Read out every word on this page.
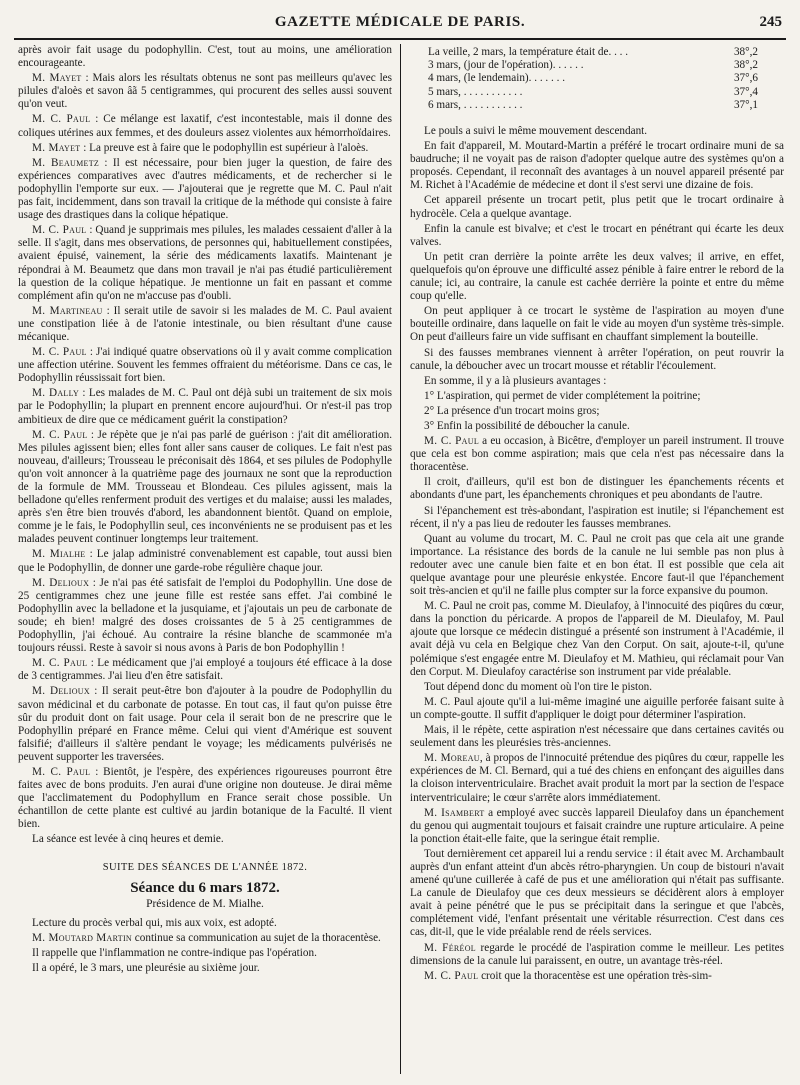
GAZETTE MÉDICALE DE PARIS.	245

après avoir fait usage du podophyllin. C'est, tout au moins, une amélioration encourageante.

M. Mayet : Mais alors les résultats obtenus ne sont pas meilleurs qu'avec les pilules d'aloès et savon âã 5 centigrammes, qui procurent des selles aussi souvent qu'on veut.

M. C. Paul : Ce mélange est laxatif, c'est incontestable, mais il donne des coliques utérines aux femmes, et des douleurs assez violentes aux hémorrhoïdaires.

M. Mayet : La preuve est à faire que le podophyllin est supérieur à l'aloès.

M. Beaumetz : Il est nécessaire, pour bien juger la question, de faire des expériences comparatives avec d'autres médicaments, et de rechercher si le podophyllin l'emporte sur eux. — J'ajouterai que je regrette que M. C. Paul n'ait pas fait, incidemment, dans son travail la critique de la méthode qui consiste à faire usage des drastiques dans la colique hépatique.

M. C. Paul : Quand je supprimais mes pilules, les malades cessaient d'aller à la selle. Il s'agit, dans mes observations, de personnes qui, habituellement constipées, avaient épuisé, vainement, la série des médicaments laxatifs. Maintenant je répondrai à M. Beaumetz que dans mon travail je n'ai pas étudié particulièrement la question de la colique hépatique. Je mentionne un fait en passant et comme complément afin qu'on ne m'accuse pas d'oubli.

M. Martineau : Il serait utile de savoir si les malades de M. C. Paul avaient une constipation liée à de l'atonie intestinale, ou bien résultant d'une cause mécanique.

M. C. Paul : J'ai indiqué quatre observations où il y avait comme complication une affection utérine. Souvent les femmes offraient du météorisme. Dans ce cas, le Podophyllin réussissait fort bien.

M. Dally : Les malades de M. C. Paul ont déjà subi un traitement de six mois par le Podophyllin; la plupart en prennent encore aujourd'hui. Or n'est-il pas trop ambitieux de dire que ce médicament guérit la constipation?

M. C. Paul : Je répète que je n'ai pas parlé de guérison : j'ait dit amélioration. Mes pilules agissent bien; elles font aller sans causer de coliques. Le fait n'est pas nouveau, d'ailleurs; Trousseau le préconisait dès 1864, et ses pilules de Podophylle qu'on voit annoncer à la quatrième page des journaux ne sont que la reproduction de la formule de MM. Trousseau et Blondeau. Ces pilules agissent, mais la belladone qu'elles renferment produit des vertiges et du malaise; aussi les malades, après s'en être bien trouvés d'abord, les abandonnent bientôt. Quand on emploie, comme je le fais, le Podophyllin seul, ces inconvénients ne se produisent pas et les malades peuvent continuer longtemps leur traitement.

M. Mialhe : Le jalap administré convenablement est capable, tout aussi bien que le Podophyllin, de donner une garde-robe régulière chaque jour.

M. Delioux : Je n'ai pas été satisfait de l'emploi du Podophyllin. Une dose de 25 centigrammes chez une jeune fille est restée sans effet. J'ai combiné le Podophyllin avec la belladone et la jusquiame, et j'ajoutais un peu de carbonate de soude; eh bien! malgré des doses croissantes de 5 à 25 centigrammes de Podophyllin, j'ai échoué. Au contraire la résine blanche de scammonée m'a toujours réussi. Reste à savoir si nous avons à Paris de bon Podophyllin !

M. C. Paul : Le médicament que j'ai employé a toujours été efficace à la dose de 3 centigrammes. J'ai lieu d'en être satisfait.

M. Delioux : Il serait peut-être bon d'ajouter à la poudre de Podophyllin du savon médicinal et du carbonate de potasse. En tout cas, il faut qu'on puisse être sûr du produit dont on fait usage. Pour cela il serait bon de ne prescrire que le Podophyllin préparé en France même. Celui qui vient d'Amérique est souvent falsifié; d'ailleurs il s'altère pendant le voyage; les médicaments pulvérisés ne peuvent supporter les traversées.

M. C. Paul : Bientôt, je l'espère, des expériences rigoureuses pourront être faites avec de bons produits. J'en aurai d'une origine non douteuse. Je dirai même que l'acclimatement du Podophyllum en France serait chose possible. Un échantillon de cette plante est cultivé au jardin botanique de la Faculté. Il vient bien.

La séance est levée à cinq heures et demie.

SUITE DES SÉANCES DE L'ANNÉE 1872.
Séance du 6 mars 1872.
Présidence de M. Mialhe.

Lecture du procès verbal qui, mis aux voix, est adopté.

M. Moutard Martin continue sa communication au sujet de la thoracentèse.

Il rappelle que l'inflammation ne contre-indique pas l'opération.

Il a opéré, le 3 mars, une pleurésie au sixième jour.

La veille, 2 mars, la température était de. . . .	38°,2
3 mars, (jour de l'opération). . . . . .	38°,2
4 mars, (le lendemain). . . . . . .	37°,6
5 mars, . . . . . . . . . . .	37°,4
6 mars, . . . . . . . . . . .	37°,1

Le pouls a suivi le même mouvement descendant.

En fait d'appareil, M. Moutard-Martin a préféré le trocart ordinaire muni de sa baudruche; il ne voyait pas de raison d'adopter quelque autre des systèmes qu'on a proposés. Cependant, il reconnaît des avantages à un nouvel appareil présenté par M. Richet à l'Académie de médecine et dont il s'est servi une dizaine de fois.

Cet appareil présente un trocart petit, plus petit que le trocart ordinaire à hydrocèle. Cela a quelque avantage.

Enfin la canule est bivalve; et c'est le trocart en pénétrant qui écarte les deux valves.

Un petit cran derrière la pointe arrête les deux valves; il arrive, en effet, quelquefois qu'on éprouve une difficulté assez pénible à faire entrer le rebord de la canule; ici, au contraire, la canule est cachée derrière la pointe et entre du même coup qu'elle.

On peut appliquer à ce trocart le système de l'aspiration au moyen d'une bouteille ordinaire, dans laquelle on fait le vide au moyen d'un système très-simple. On peut d'ailleurs faire un vide suffisant en chauffant simplement la bouteille.

Si des fausses membranes viennent à arrêter l'opération, on peut rouvrir la canule, la déboucher avec un trocart mousse et rétablir l'écoulement.

En somme, il y a là plusieurs avantages :

1° L'aspiration, qui permet de vider complétement la poitrine;

2° La présence d'un trocart moins gros;

3° Enfin la possibilité de déboucher la canule.

M. C. Paul a eu occasion, à Bicêtre, d'employer un pareil instrument. Il trouve que cela est bon comme aspiration; mais que cela n'est pas nécessaire dans la thoracentèse.

Il croit, d'ailleurs, qu'il est bon de distinguer les épanchements récents et abondants d'une part, les épanchements chroniques et peu abondants de l'autre.

Si l'épanchement est très-abondant, l'aspiration est inutile; si l'épanchement est récent, il n'y a pas lieu de redouter les fausses membranes.

Quant au volume du trocart, M. C. Paul ne croit pas que cela ait une grande importance. La résistance des bords de la canule ne lui semble pas non plus à redouter avec une canule bien faite et en bon état. Il est possible que cela ait quelque avantage pour une pleurésie enkystée. Encore faut-il que l'épanchement soit très-ancien et qu'il ne faille plus compter sur la force expansive du poumon.

M. C. Paul ne croit pas, comme M. Dieulafoy, à l'innocuité des piqûres du cœur, dans la ponction du péricarde. A propos de l'appareil de M. Dieulafoy, M. Paul ajoute que lorsque ce médecin distingué a présenté son instrument à l'Académie, il avait déjà vu cela en Belgique chez Van den Corput. On sait, ajoute-t-il, qu'une polémique s'est engagée entre M. Dieulafoy et M. Mathieu, qui réclamait pour Van den Corput. M. Dieulafoy caractérise son instrument par vide préalable.

Tout dépend donc du moment où l'on tire le piston.

M. C. Paul ajoute qu'il a lui-même imaginé une aiguille perforée faisant suite à un compte-goutte. Il suffit d'appliquer le doigt pour déterminer l'aspiration.

Mais, il le répète, cette aspiration n'est nécessaire que dans certaines cavités ou seulement dans les pleurésies très-anciennes.

M. Moreau, à propos de l'innocuité prétendue des piqûres du cœur, rappelle les expériences de M. Cl. Bernard, qui a tué des chiens en enfonçant des aiguilles dans la cloison interventriculaire. Brachet avait produit la mort par la section de l'espace interventriculaire; le cœur s'arrête alors immédiatement.

M. Isambert a employé avec succès lappareil Dieulafoy dans un épanchement du genou qui augmentait toujours et faisait craindre une rupture articulaire. A peine la ponction était-elle faite, que la seringue était remplie.

Tout dernièrement cet appareil lui a rendu service : il était avec M. Archambault auprès d'un enfant atteint d'un abcès rétro-pharyngien. Un coup de bistouri n'avait amené qu'une cuillerée à café de pus et une amélioration qui n'était pas suffisante. La canule de Dieulafoy que ces deux messieurs se décidèrent alors à employer avait à peine pénétré que le pus se précipitait dans la seringue et que l'abcès, complétement vidé, l'enfant présentait une véritable résurrection. C'est dans ces cas, dit-il, que le vide préalable rend de réels services.

M. Féréol regarde le procédé de l'aspiration comme le meilleur. Les petites dimensions de la canule lui paraissent, en outre, un avantage très-réel.

M. C. Paul croit que la thoracentèse est une opération très-sim-
